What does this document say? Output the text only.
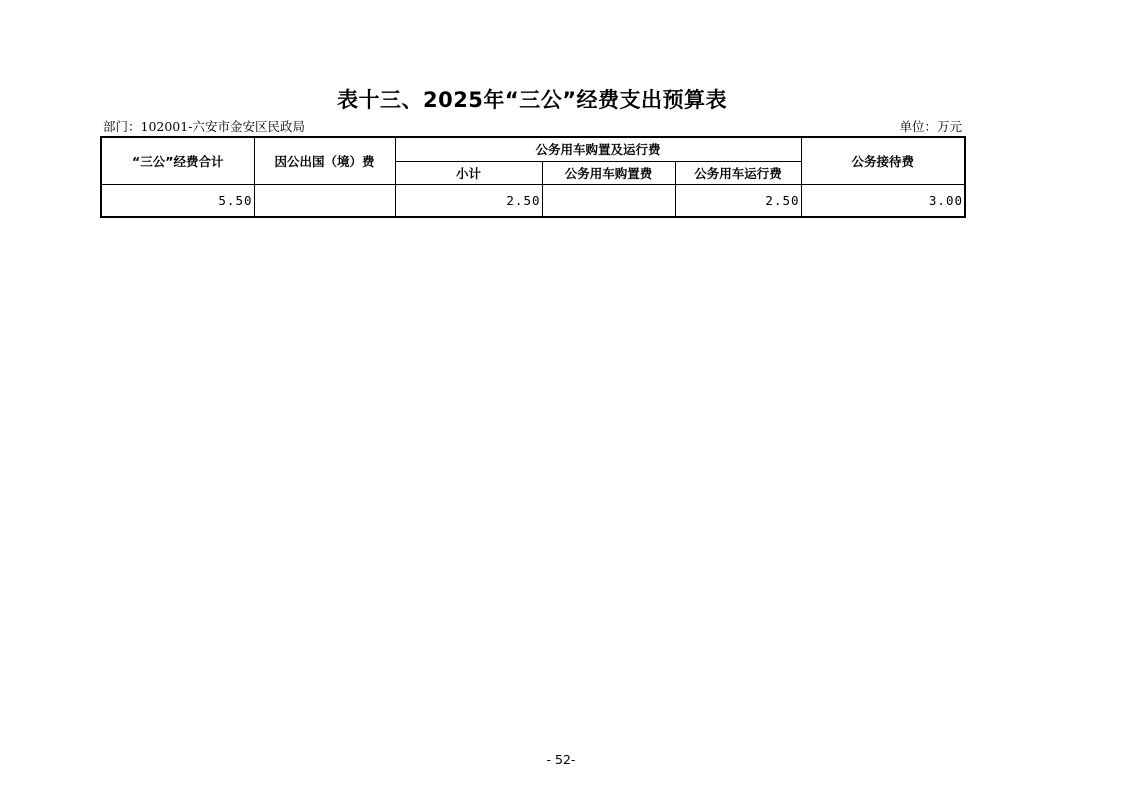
表十三、2025年“三公”经费支出预算表
部门：102001-六安市金安区民政局	单位：万元
“三公”经费合计	因公出国（境）费	公务用车购置及运行费			公务接待费
		小计	公务用车购置费	公务用车运行费	
5.50		2.50		2.50	3.00
- 52-
